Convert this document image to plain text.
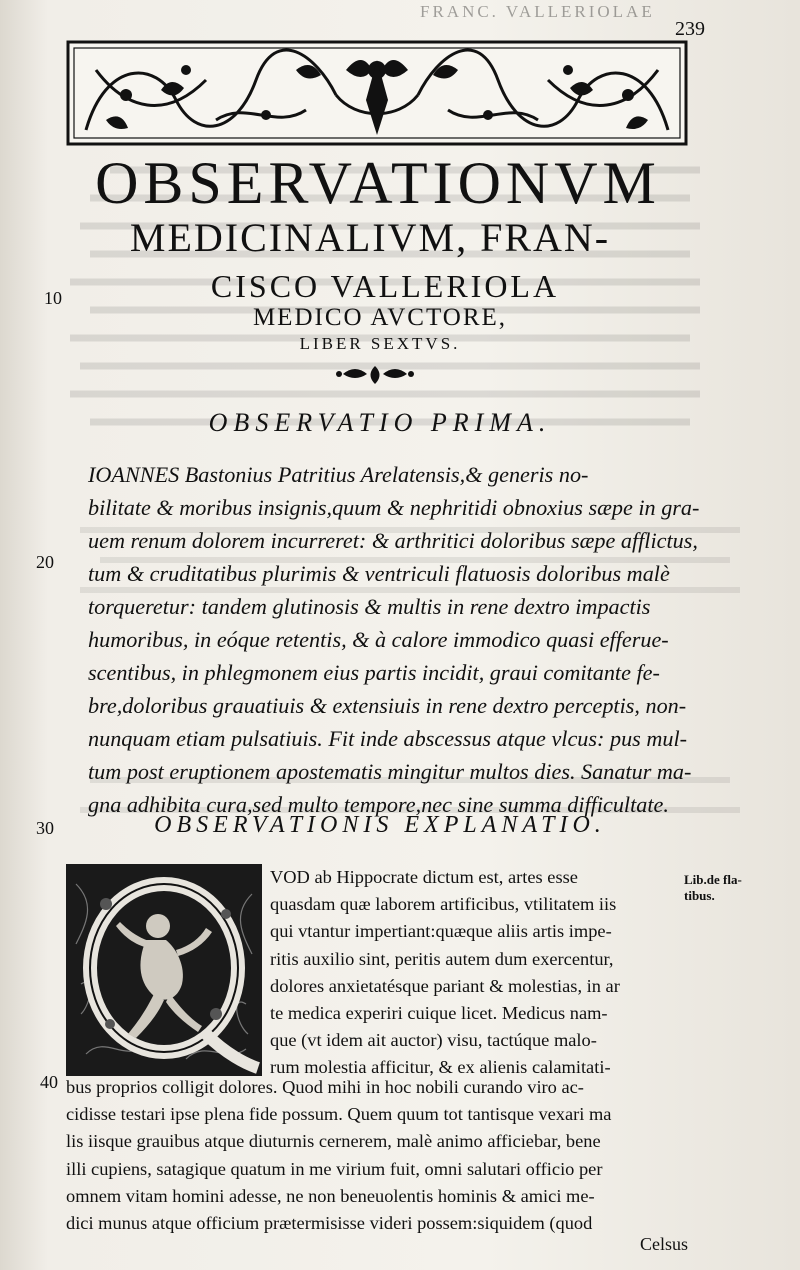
FRANC. VALLERIOLAE
239
10
20
30
40
OBSERVATIONVM
MEDICINALIVM, FRAN-
CISCO VALLERIOLA
MEDICO AVCTORE,
LIBER SEXTVS.
OBSERVATIO PRIMA.
IOANNES Bastonius Patritius Arelatensis,& generis no-
bilitate & moribus insignis,quum & nephritidi obnoxius sæpe in gra-
uem renum dolorem incurreret: & arthritici doloribus sæpe afflictus,
tum & cruditatibus plurimis & ventriculi flatuosis doloribus malè
torqueretur: tandem glutinosis & multis in rene dextro impactis
humoribus, in eóque retentis, & à calore immodico quasi efferue-
scentibus, in phlegmonem eius partis incidit, graui comitante fe-
bre,doloribus grauatiuis & extensiuis in rene dextro perceptis, non-
nunquam etiam pulsatiuis. Fit inde abscessus atque vlcus: pus mul-
tum post eruptionem apostematis mingitur multos dies. Sanatur ma-
gna adhibita cura,sed multo tempore,nec sine summa difficultate.
OBSERVATIONIS EXPLANATIO.
Lib.de fla-
tibus.
VOD ab Hippocrate dictum est, artes esse
quasdam quæ laborem artificibus, vtilitatem iis
qui vtantur impertiant:quæque aliis artis impe-
ritis auxilio sint, peritis autem dum exercentur,
dolores anxietatésque pariant & molestias, in ar
te medica experiri cuique licet. Medicus nam-
que (vt idem ait auctor) visu, tactúque malo-
rum molestia afficitur, & ex alienis calamitati-
bus proprios colligit dolores. Quod mihi in hoc nobili curando viro ac-
cidisse testari ipse plena fide possum. Quem quum tot tantisque vexari ma
lis iisque grauibus atque diuturnis cernerem, malè animo afficiebar, bene
illi cupiens, satagique quatum in me virium fuit, omni salutari officio per
omnem vitam homini adesse, ne non beneuolentis hominis & amici me-
dici munus atque officium prætermisisse videri possem:siquidem (quod
Celsus
